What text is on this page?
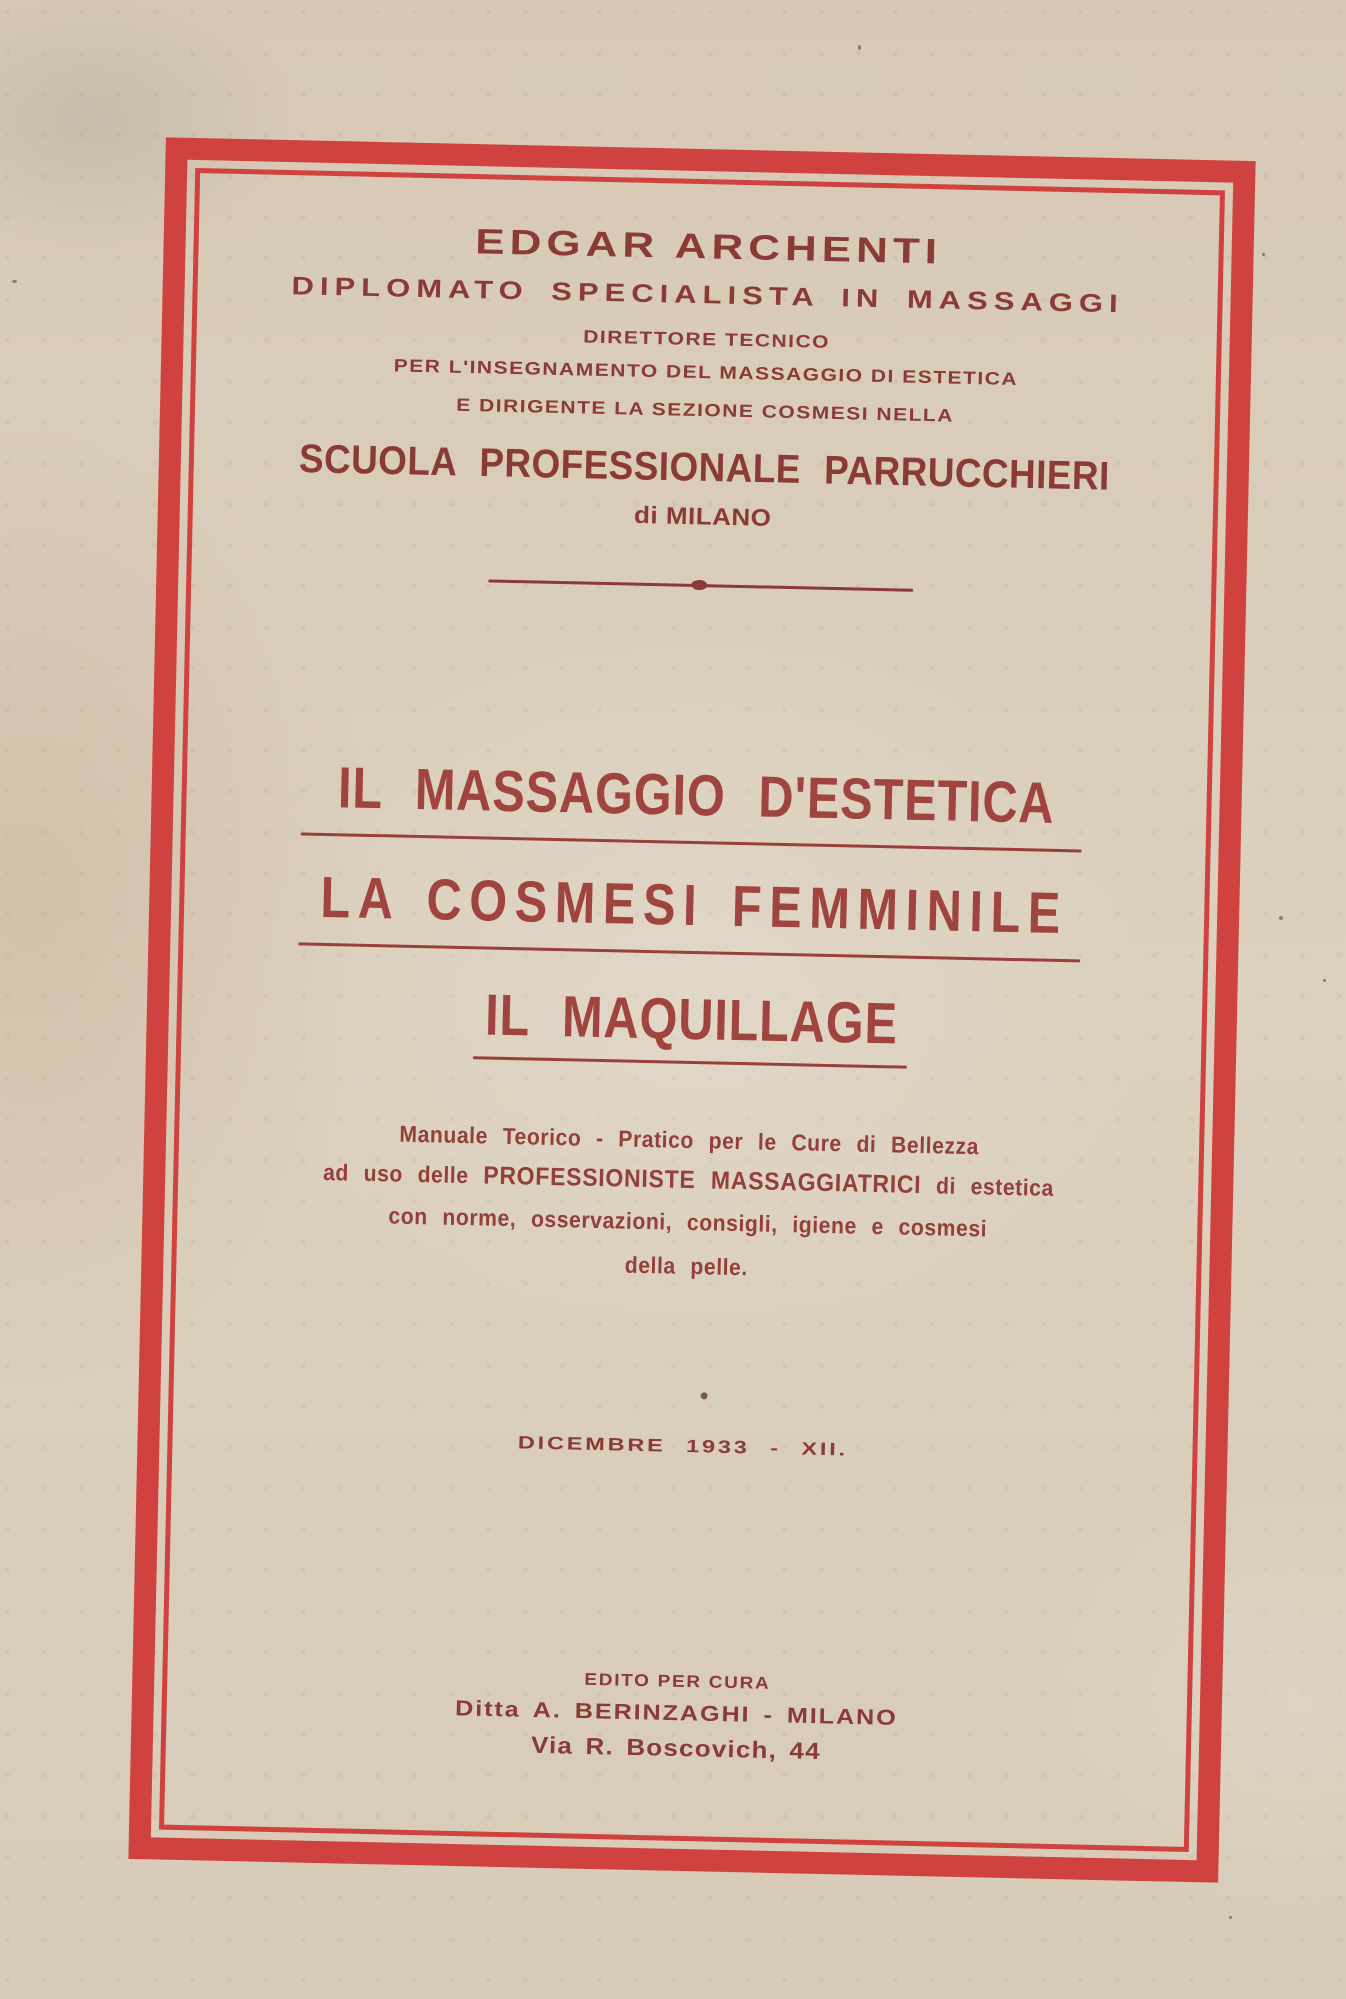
EDGAR ARCHENTI
DIPLOMATO SPECIALISTA IN MASSAGGI
DIRETTORE TECNICO
PER L'INSEGNAMENTO DEL MASSAGGIO DI ESTETICA
E DIRIGENTE LA SEZIONE COSMESI NELLA
SCUOLA PROFESSIONALE PARRUCCHIERI
di MILANO
IL MASSAGGIO D'ESTETICA
LA COSMESI FEMMINILE
IL MAQUILLAGE
Manuale Teorico - Pratico per le Cure di Bellezza
ad uso delle PROFESSIONISTE MASSAGGIATRICI di estetica
con norme, osservazioni, consigli, igiene e cosmesi
della pelle.
DICEMBRE 1933 - XII.
EDITO PER CURA
Ditta A. BERINZAGHI - MILANO
Via R. Boscovich, 44
